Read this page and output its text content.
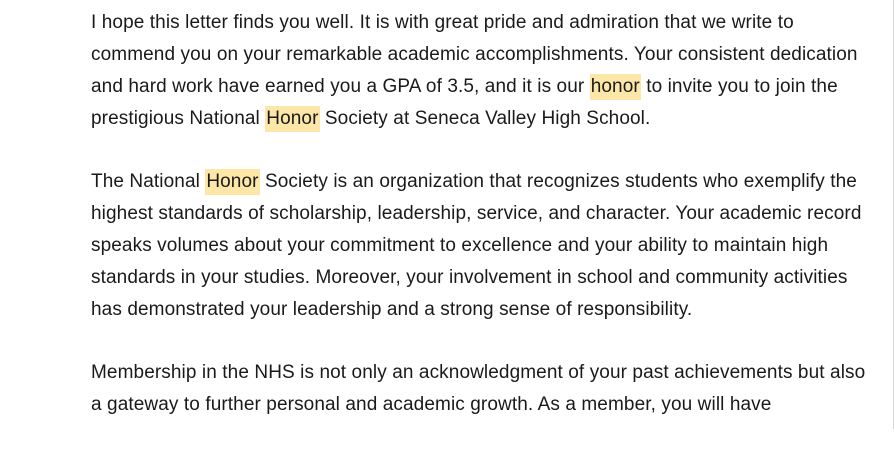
I hope this letter finds you well. It is with great pride and admiration that we write to commend you on your remarkable academic accomplishments. Your consistent dedication and hard work have earned you a GPA of 3.5, and it is our honor to invite you to join the prestigious National Honor Society at Seneca Valley High School.

The National Honor Society is an organization that recognizes students who exemplify the highest standards of scholarship, leadership, service, and character. Your academic record speaks volumes about your commitment to excellence and your ability to maintain high standards in your studies. Moreover, your involvement in school and community activities has demonstrated your leadership and a strong sense of responsibility.

Membership in the NHS is not only an acknowledgment of your past achievements but also a gateway to further personal and academic growth. As a member, you will have
